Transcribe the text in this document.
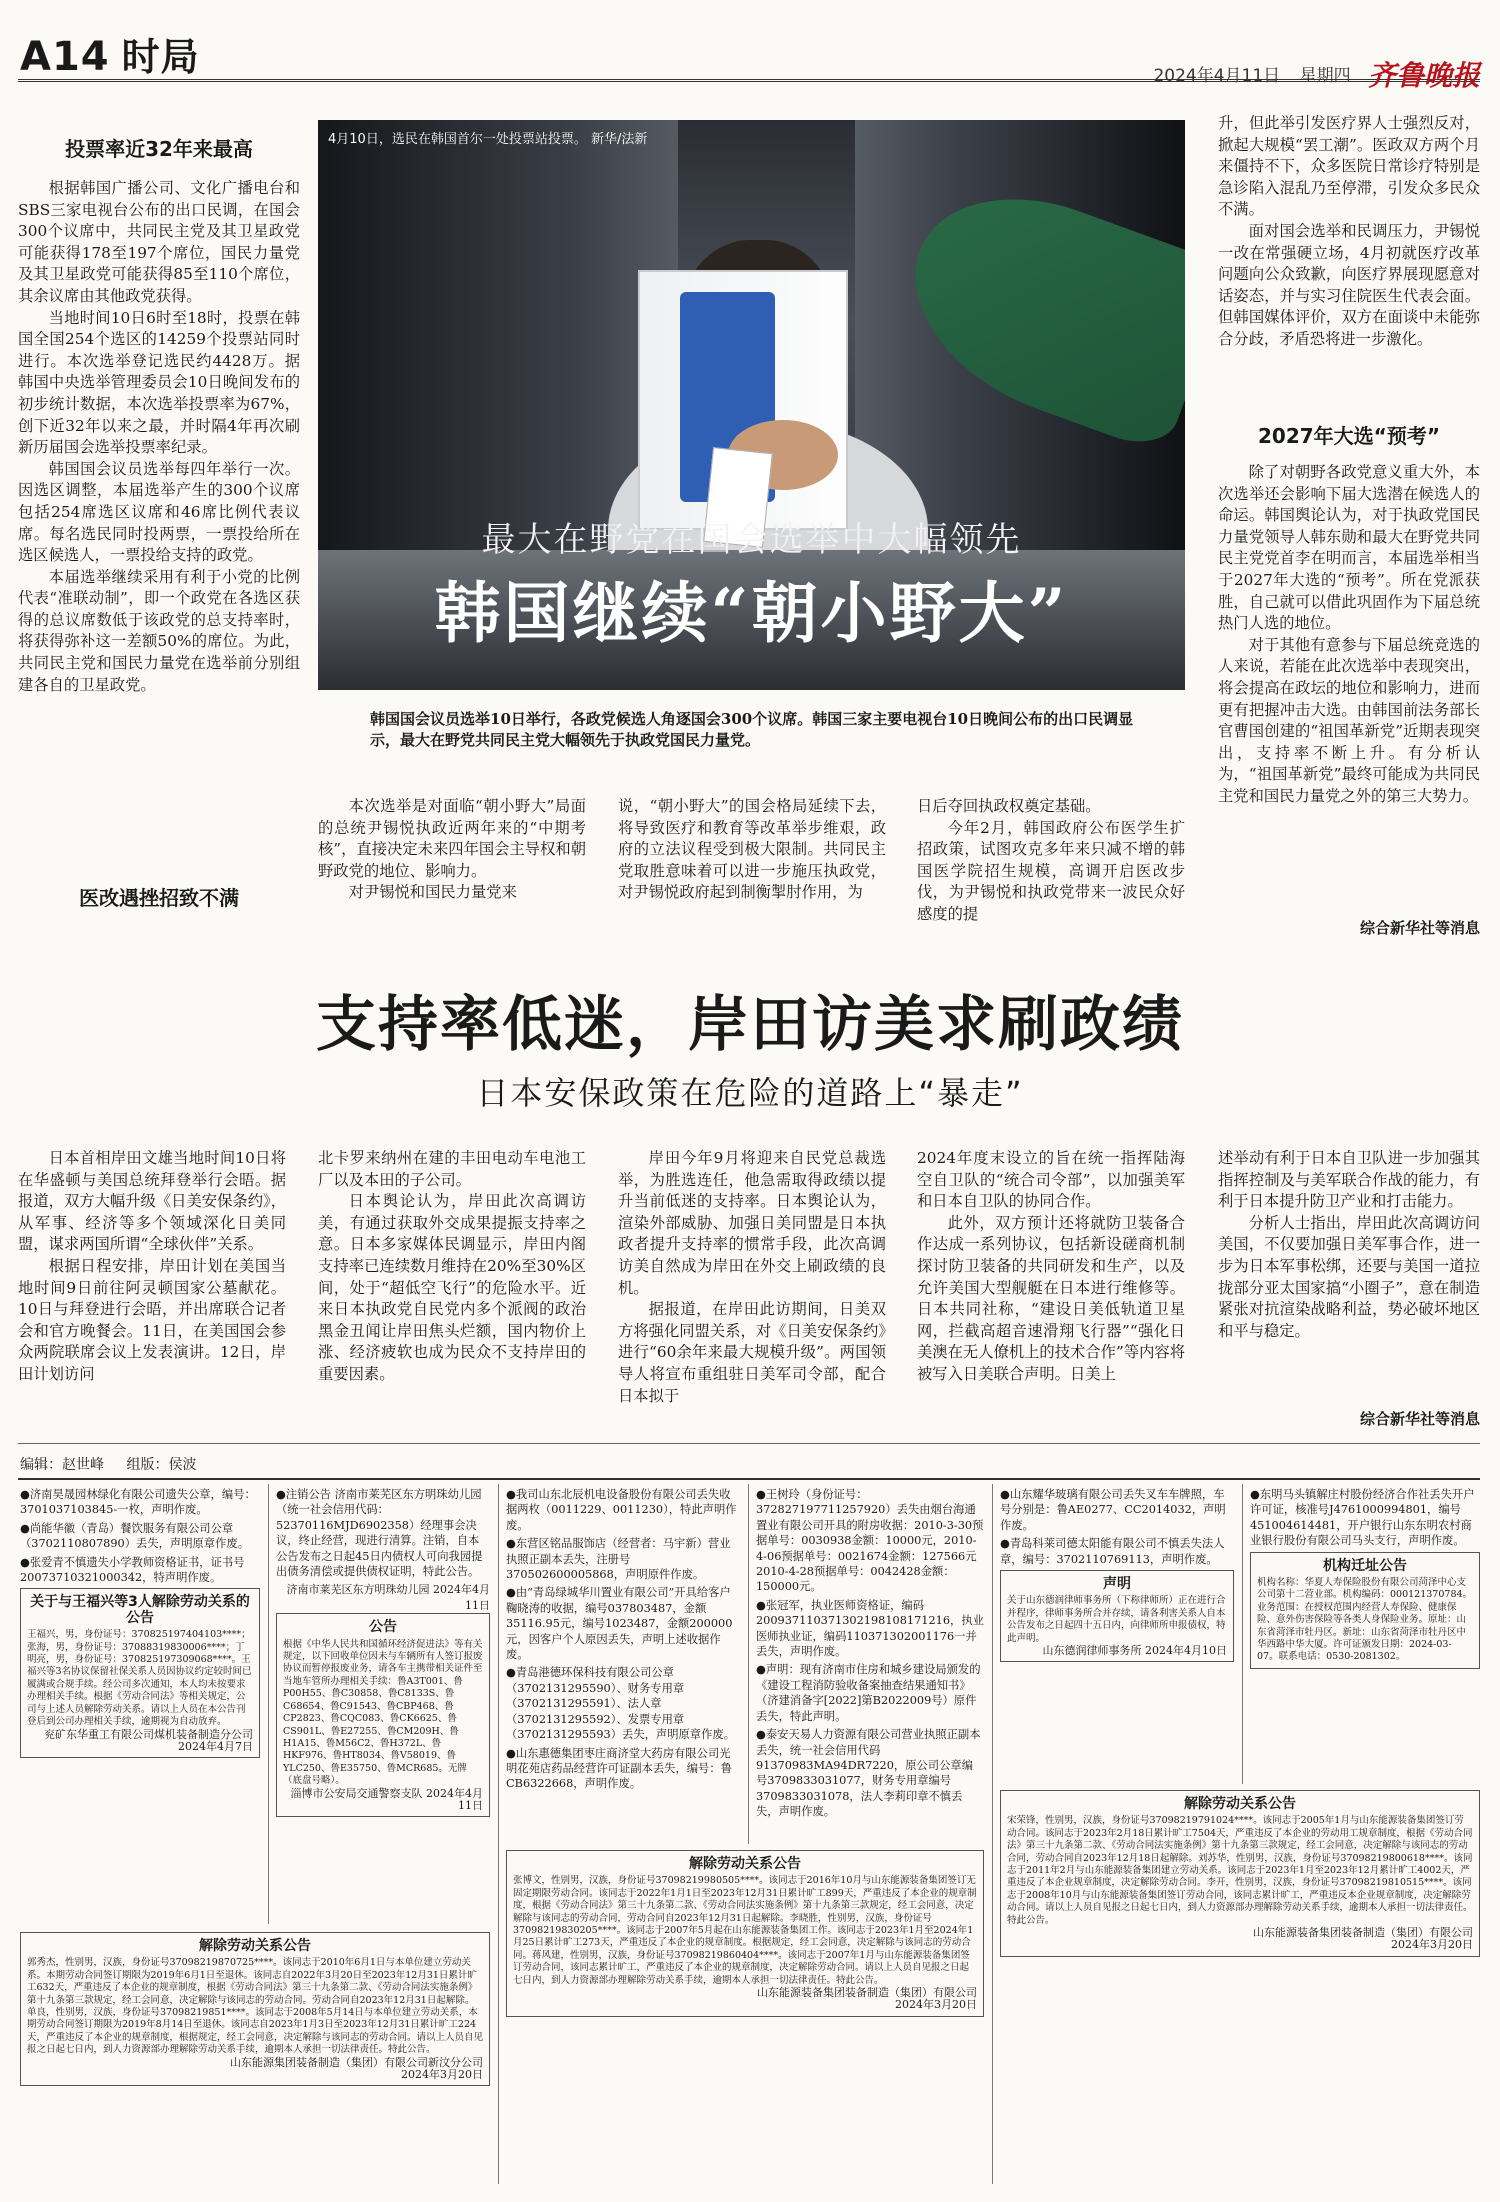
A14 时局	2024年4月11日 星期四 齐鲁晚报
投票率近32年来最高

根据韩国广播公司、文化广播电台和SBS三家电视台公布的出口民调，在国会300个议席中，共同民主党及其卫星政党可能获得178至197个席位，国民力量党及其卫星政党可能获得85至110个席位，其余议席由其他政党获得。

当地时间10日6时至18时，投票在韩国全国254个选区的14259个投票站同时进行。本次选举登记选民约4428万。据韩国中央选举管理委员会10日晚间发布的初步统计数据，本次选举投票率为67%，创下近32年以来之最，并时隔4年再次刷新历届国会选举投票率纪录。

韩国国会议员选举每四年举行一次。因选区调整，本届选举产生的300个议席包括254席选区议席和46席比例代表议席。每名选民同时投两票，一票投给所在选区候选人，一票投给支持的政党。

本届选举继续采用有利于小党的比例代表“准联动制”，即一个政党在各选区获得的总议席数低于该政党的总支持率时，将获得弥补这一差额50%的席位。为此，共同民主党和国民力量党在选举前分别组建各自的卫星政党。

医改遇挫招致不满
4月10日，选民在韩国首尔一处投票站投票。 新华/法新
最大在野党在国会选举中大幅领先
韩国继续“朝小野大”
韩国国会议员选举10日举行，各政党候选人角逐国会300个议席。韩国三家主要电视台10日晚间公布的出口民调显示，最大在野党共同民主党大幅领先于执政党国民力量党。

本次选举是对面临“朝小野大”局面的总统尹锡悦执政近两年来的“中期考核”，直接决定未来四年国会主导权和朝野政党的地位、影响力。

对尹锡悦和国民力量党来

说，“朝小野大”的国会格局延续下去，将导致医疗和教育等改革举步维艰，政府的立法议程受到极大限制。共同民主党取胜意味着可以进一步施压执政党，对尹锡悦政府起到制衡掣肘作用，为

日后夺回执政权奠定基础。

今年2月，韩国政府公布医学生扩招政策，试图攻克多年来只减不增的韩国医学院招生规模，高调开启医改步伐，为尹锡悦和执政党带来一波民众好感度的提

升，但此举引发医疗界人士强烈反对，掀起大规模“罢工潮”。医政双方两个月来僵持不下，众多医院日常诊疗特别是急诊陷入混乱乃至停滞，引发众多民众不满。

面对国会选举和民调压力，尹锡悦一改在常强硬立场，4月初就医疗改革问题向公众致歉，向医疗界展现愿意对话姿态，并与实习住院医生代表会面。但韩国媒体评价，双方在面谈中未能弥合分歧，矛盾恐将进一步激化。

2027年大选“预考”

除了对朝野各政党意义重大外，本次选举还会影响下届大选潜在候选人的命运。韩国舆论认为，对于执政党国民力量党领导人韩东勋和最大在野党共同民主党党首李在明而言，本届选举相当于2027年大选的“预考”。所在党派获胜，自己就可以借此巩固作为下届总统热门人选的地位。

对于其他有意参与下届总统竞选的人来说，若能在此次选举中表现突出，将会提高在政坛的地位和影响力，进而更有把握冲击大选。由韩国前法务部长官曹国创建的“祖国革新党”近期表现突出，支持率不断上升。有分析认为，“祖国革新党”最终可能成为共同民主党和国民力量党之外的第三大势力。

综合新华社等消息
支持率低迷，岸田访美求刷政绩
日本安保政策在危险的道路上“暴走”

日本首相岸田文雄当地时间10日将在华盛顿与美国总统拜登举行会晤。据报道，双方大幅升级《日美安保条约》，从军事、经济等多个领域深化日美同盟，谋求两国所谓“全球伙伴”关系。

根据日程安排，岸田计划在美国当地时间9日前往阿灵顿国家公墓献花。10日与拜登进行会晤，并出席联合记者会和官方晚餐会。11日，在美国国会参众两院联席会议上发表演讲。12日，岸田计划访问

北卡罗来纳州在建的丰田电动车电池工厂以及本田的子公司。

日本舆论认为，岸田此次高调访美，有通过获取外交成果提振支持率之意。日本多家媒体民调显示，岸田内阁支持率已连续数月维持在20%至30%区间，处于“超低空飞行”的危险水平。近来日本执政党自民党内多个派阀的政治黑金丑闻让岸田焦头烂额，国内物价上涨、经济疲软也成为民众不支持岸田的重要因素。

岸田今年9月将迎来自民党总裁选举，为胜选连任，他急需取得政绩以提升当前低迷的支持率。日本舆论认为，渲染外部威胁、加强日美同盟是日本执政者提升支持率的惯常手段，此次高调访美自然成为岸田在外交上刷政绩的良机。

据报道，在岸田此访期间，日美双方将强化同盟关系，对《日美安保条约》进行“60余年来最大规模升级”。两国领导人将宣布重组驻日美军司令部，配合日本拟于

2024年度末设立的旨在统一指挥陆海空自卫队的“统合司令部”，以加强美军和日本自卫队的协同合作。

此外，双方预计还将就防卫装备合作达成一系列协议，包括新设磋商机制探讨防卫装备的共同研发和生产，以及允许美国大型舰艇在日本进行维修等。日本共同社称，“建设日美低轨道卫星网，拦截高超音速滑翔飞行器”“强化日美澳在无人僚机上的技术合作”等内容将被写入日美联合声明。日美上

述举动有利于日本自卫队进一步加强其指挥控制及与美军联合作战的能力，有利于日本提升防卫产业和打击能力。

分析人士指出，岸田此次高调访问美国，不仅要加强日美军事合作，进一步为日本军事松绑，还要与美国一道拉拢部分亚太国家搞“小圈子”，意在制造紧张对抗渲染战略利益，势必破坏地区和平与稳定。

综合新华社等消息
编辑：赵世峰 组版：侯波
●济南昊晟园林绿化有限公司遗失公章，编号：3701037103845-一枚，声明作废。
●尚能华徽（青岛）餐饮服务有限公司公章（3702110807890）丢失，声明原章作废。
●张爱青不慎遗失小学教师资格证书，证书号20073710321000342，特声明作废。
关于与王福兴等3人解除劳动关系的公告
王福兴，男，身份证号：370825197404103****；张海，男，身份证号：37088319830006****；丁明亮，男，身份证号：370825197309068****。王福兴等3名协议保留社保关系人员因协议约定较时间已履满或合规手续。经公司多次通知，本人均未按要求办理相关手续。根据《劳动合同法》等相关规定，公司与上述人员解除劳动关系。请以上人员在本公告刊登后到公司办理相关手续，逾期视为自动放弃。
兖矿东华重工有限公司煤机装备制造分公司
2024年4月7日
解除劳动关系公告
郭秀杰，性别男，汉族，身份证号37098219870725****。该同志于2010年6月1日与本单位建立劳动关系。本期劳动合同签订期限为2019年6月1日至退休。该同志自2022年3月20日至2023年12月31日累计旷工632天，严重违反了本企业的规章制度，根据《劳动合同法》第三十九条第二款、《劳动合同法实施条例》第十九条第三款规定，经工会同意，决定解除与该同志的劳动合同。劳动合同自2023年12月31日起解除。单良，性别男，汉族，身份证号37098219851****。该同志于2008年5月14日与本单位建立劳动关系，本期劳动合同签订期限为2019年8月14日至退休。该同志自2023年1月3日至2023年12月31日累计旷工224天，严重违反了本企业的规章制度，根据规定，经工会同意，决定解除与该同志的劳动合同。请以上人员自见报之日起七日内，到人力资源部办理解除劳动关系手续，逾期本人承担一切法律责任。特此公告。
山东能源集团装备制造（集团）有限公司新汶分公司
2024年3月20日
●注销公告 济南市莱芜区东方明珠幼儿园（统一社会信用代码：52370116MJD6902358）经理事会决议，终止经营，现进行清算。注销，自本公告发布之日起45日内债权人可向我园提出债务清偿或提供债权证明，特此公告。
济南市莱芜区东方明珠幼儿园 2024年4月11日
公告
根据《中华人民共和国循环经济促进法》等有关规定，以下回收单位因未与车辆所有人签订报废协议而暂停报废业务，请各车主携带相关证件至当地车管所办理相关手续：鲁A3T001、鲁P00H55、鲁C30858、鲁C8133S、鲁C68654、鲁C91543、鲁CBP468、鲁CP2823、鲁CQC083、鲁CK6625、鲁CS901L、鲁E27255、鲁CM209H、鲁H1A15、鲁M56C2、鲁H372L、鲁HKF976、鲁HT8034、鲁V58019、鲁YLC250、鲁E35750、鲁MCR685。无牌（底盘号略）。
淄博市公安局交通警察支队 2024年4月11日
●我司山东北辰机电设备股份有限公司丢失收据两枚（0011229、0011230），特此声明作废。
●东营区铭品服饰店（经营者：马宇新）营业执照正副本丢失，注册号370502600005868，声明原件作废。
●由“青岛绿城华川置业有限公司”开具给客户鞠晓涛的收据，编号037803487，金额35116.95元，编号1023487，金额200000元，因客户个人原因丢失，声明上述收据作废。
●青岛港德环保科技有限公司公章（3702131295590）、财务专用章（3702131295591）、法人章（3702131295592）、发票专用章（3702131295593）丢失，声明原章作废。
●山东惠德集团枣庄商济堂大药房有限公司光明花苑店药品经营许可证副本丢失，编号：鲁CB6322668，声明作废。
解除劳动关系公告
张博文，性别男，汉族，身份证号37098219980505****。该同志于2016年10月与山东能源装备集团签订无固定期限劳动合同。该同志于2022年1月1日至2023年12月31日累计旷工899天，严重违反了本企业的规章制度，根据《劳动合同法》第三十九条第二款、《劳动合同法实施条例》第十九条第三款规定，经工会同意，决定解除与该同志的劳动合同，劳动合同自2023年12月31日起解除。李晓胜，性别男，汉族，身份证号37098219830205****。该同志于2007年5月起在山东能源装备集团工作。该同志于2023年1月至2024年1月25日累计旷工273天，严重违反了本企业的规章制度。根据规定，经工会同意，决定解除与该同志的劳动合同。蒋风建，性别男，汉族，身份证号37098219860404****。该同志于2007年1月与山东能源装备集团签订劳动合同，该同志累计旷工，严重违反了本企业的规章制度，决定解除劳动合同。请以上人员自见报之日起七日内，到人力资源部办理解除劳动关系手续，逾期本人承担一切法律责任。特此公告。
山东能源装备集团装备制造（集团）有限公司
2024年3月20日
●王树玲（身份证号：372827197711257920）丢失由烟台海通置业有限公司开具的附房收据：2010-3-30预据单号：0030938金额：10000元，2010-4-06预据单号：0021674金额：127566元2010-4-28预据单号：0042428金额：150000元。
●张冠军，执业医师资格证，编码200937110371302198108171216，执业医师执业证，编码110371302001176一并丢失，声明作废。
●声明：现有济南市住房和城乡建设局颁发的《建设工程消防验收备案抽查结果通知书》（济建消备字[2022]第B2022009号）原件丢失，特此声明。
●泰安天易人力资源有限公司营业执照正副本丢失，统一社会信用代码91370983MA94DR7220，原公司公章编号3709833031077，财务专用章编号3709833031078，法人李莉印章不慎丢失，声明作废。
●山东耀华玻璃有限公司丢失叉车车牌照，车号分别是：鲁AE0277、CC2014032，声明作废。
●青岛科莱司德太阳能有限公司不慎丢失法人章，编号：3702110769113，声明作废。
声明
关于山东德润律师事务所（下称律师所）正在进行合并程序，律师事务所合并存续，请各利害关系人自本公告发布之日起四十五日内，向律师所申报债权，特此声明。
山东德润律师事务所 2024年4月10日
●东明马头镇解庄村股份经济合作社丢失开户许可证，核准号J4761000994801，编号451004614481，开户银行山东东明农村商业银行股份有限公司马头支行，声明作废。
机构迁址公告
机构名称：华夏人寿保险股份有限公司菏泽中心支公司第十二营业部。机构编码：000121370784。业务范围：在授权范围内经营人寿保险、健康保险、意外伤害保险等各类人身保险业务。原址：山东省菏泽市牡丹区。新址：山东省菏泽市牡丹区中华西路中华大厦。许可证颁发日期：2024-03-07。联系电话：0530-2081302。
解除劳动关系公告
宋荣锋，性别男，汉族，身份证号37098219791024****。该同志于2005年1月与山东能源装备集团签订劳动合同。该同志于2023年2月18日累计旷工7504天，严重违反了本企业的劳动用工规章制度，根据《劳动合同法》第三十九条第二款、《劳动合同法实施条例》第十九条第三款规定，经工会同意，决定解除与该同志的劳动合同，劳动合同自2023年12月18日起解除。刘苏华，性别男，汉族，身份证号37098219800618****。该同志于2011年2月与山东能源装备集团建立劳动关系。该同志于2023年1月至2023年12月累计旷工4002天，严重违反了本企业规章制度，决定解除劳动合同。李开，性别男，汉族，身份证号37098219810515****。该同志于2008年10月与山东能源装备集团签订劳动合同，该同志累计旷工，严重违反本企业规章制度，决定解除劳动合同。请以上人员自见报之日起七日内，到人力资源部办理解除劳动关系手续，逾期本人承担一切法律责任。特此公告。
山东能源装备集团装备制造（集团）有限公司
2024年3月20日
